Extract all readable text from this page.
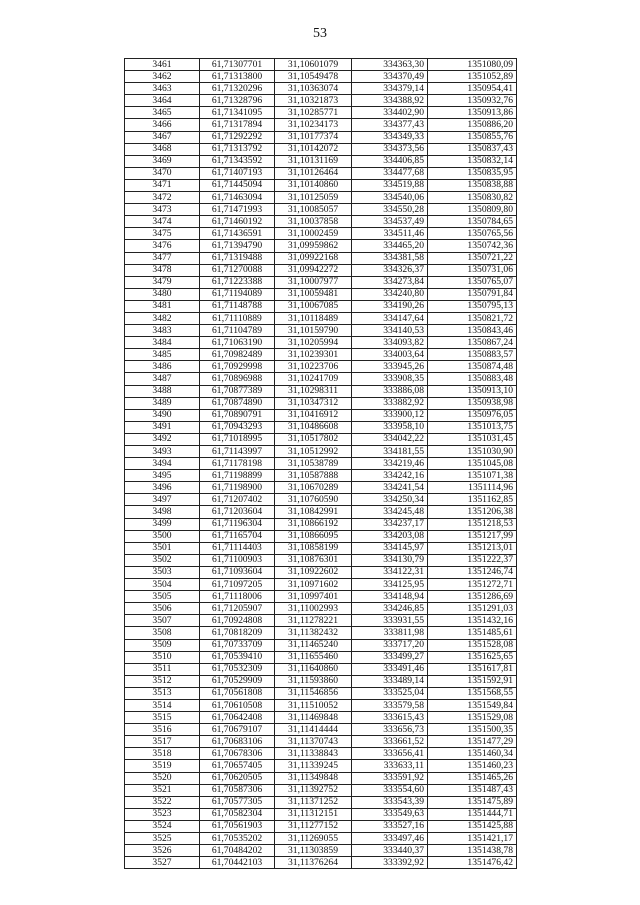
53
3461	61,71307701	31,10601079	334363,30	1351080,09
3462	61,71313800	31,10549478	334370,49	1351052,89
3463	61,71320296	31,10363074	334379,14	1350954,41
3464	61,71328796	31,10321873	334388,92	1350932,76
3465	61,71341095	31,10285771	334402,90	1350913,86
3466	61,71317894	31,10234173	334377,43	1350886,20
3467	61,71292292	31,10177374	334349,33	1350855,76
3468	61,71313792	31,10142072	334373,56	1350837,43
3469	61,71343592	31,10131169	334406,85	1350832,14
3470	61,71407193	31,10126464	334477,68	1350835,95
3471	61,71445094	31,10140860	334519,88	1350838,88
3472	61,71463094	31,10125059	334540,06	1350830,82
3473	61,71471993	31,10085057	334550,28	1350809,80
3474	61,71460192	31,10037858	334537,49	1350784,65
3475	61,71436591	31,10002459	334511,46	1350765,56
3476	61,71394790	31,09959862	334465,20	1350742,36
3477	61,71319488	31,09922168	334381,58	1350721,22
3478	61,71270088	31,09942272	334326,37	1350731,06
3479	61,71223388	31,10007977	334273,84	1350765,07
3480	61,71194089	31,10059481	334240,80	1350791,84
3481	61,71148788	31,10067085	334190,26	1350795,13
3482	61,71110889	31,10118489	334147,64	1350821,72
3483	61,71104789	31,10159790	334140,53	1350843,46
3484	61,71063190	31,10205994	334093,82	1350867,24
3485	61,70982489	31,10239301	334003,64	1350883,57
3486	61,70929998	31,10223706	333945,26	1350874,48
3487	61,70896988	31,10241709	333908,35	1350883,48
3488	61,70877389	31,10298311	333886,08	1350913,10
3489	61,70874890	31,10347312	333882,92	1350938,98
3490	61,70890791	31,10416912	333900,12	1350976,05
3491	61,70943293	31,10486608	333958,10	1351013,75
3492	61,71018995	31,10517802	334042,22	1351031,45
3493	61,71143997	31,10512992	334181,55	1351030,90
3494	61,71178198	31,10538789	334219,46	1351045,08
3495	61,71198899	31,10587888	334242,16	1351071,38
3496	61,71198900	31,10670289	334241,54	1351114,96
3497	61,71207402	31,10760590	334250,34	1351162,85
3498	61,71203604	31,10842991	334245,48	1351206,38
3499	61,71196304	31,10866192	334237,17	1351218,53
3500	61,71165704	31,10866095	334203,08	1351217,99
3501	61,71114403	31,10858199	334145,97	1351213,01
3502	61,71100903	31,10876301	334130,79	1351222,37
3503	61,71093604	31,10922602	334122,31	1351246,74
3504	61,71097205	31,10971602	334125,95	1351272,71
3505	61,71118006	31,10997401	334148,94	1351286,69
3506	61,71205907	31,11002993	334246,85	1351291,03
3507	61,70924808	31,11278221	333931,55	1351432,16
3508	61,70818209	31,11382432	333811,98	1351485,61
3509	61,70733709	31,11465240	333717,20	1351528,08
3510	61,70539410	31,11655460	333499,27	1351625,65
3511	61,70532309	31,11640860	333491,46	1351617,81
3512	61,70529909	31,11593860	333489,14	1351592,91
3513	61,70561808	31,11546856	333525,04	1351568,55
3514	61,70610508	31,11510052	333579,58	1351549,84
3515	61,70642408	31,11469848	333615,43	1351529,08
3516	61,70679107	31,11414444	333656,73	1351500,35
3517	61,70683106	31,11370743	333661,52	1351477,29
3518	61,70678306	31,11338843	333656,41	1351460,34
3519	61,70657405	31,11339245	333633,11	1351460,23
3520	61,70620505	31,11349848	333591,92	1351465,26
3521	61,70587306	31,11392752	333554,60	1351487,43
3522	61,70577305	31,11371252	333543,39	1351475,89
3523	61,70582304	31,11312151	333549,63	1351444,71
3524	61,70561903	31,11277152	333527,16	1351425,88
3525	61,70535202	31,11269055	333497,46	1351421,17
3526	61,70484202	31,11303859	333440,37	1351438,78
3527	61,70442103	31,11376264	333392,92	1351476,42
